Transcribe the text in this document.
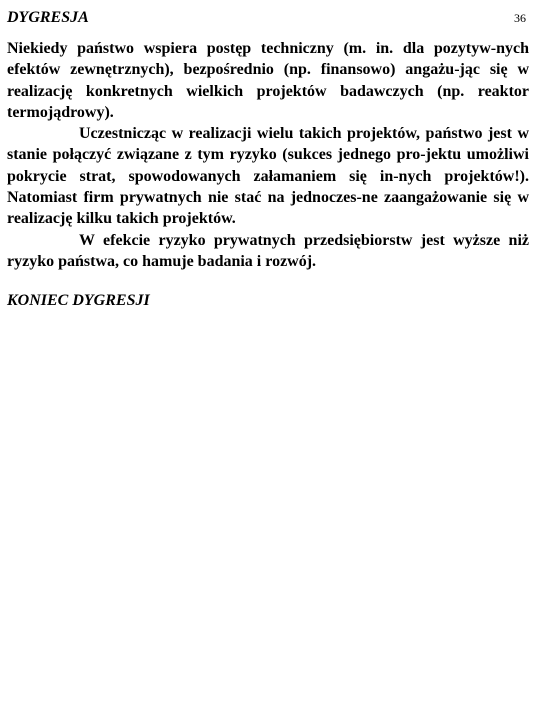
36
DYGRESJA

Niekiedy państwo wspiera postęp techniczny (m. in. dla pozytyw-nych efektów zewnętrznych), bezpośrednio (np. finansowo) angażu-jąc się w realizację konkretnych wielkich projektów badawczych (np. reaktor termojądrowy).

Uczestnicząc w realizacji wielu takich projektów, państwo jest w stanie połączyć związane z tym ryzyko (sukces jednego pro-jektu umożliwi pokrycie strat, spowodowanych załamaniem się in-nych projektów!). Natomiast firm prywatnych nie stać na jednoczes-ne zaangażowanie się w realizację kilku takich projektów.

W efekcie ryzyko prywatnych przedsiębiorstw jest wyższe niż ryzyko państwa, co hamuje badania i rozwój.

KONIEC DYGRESJI
